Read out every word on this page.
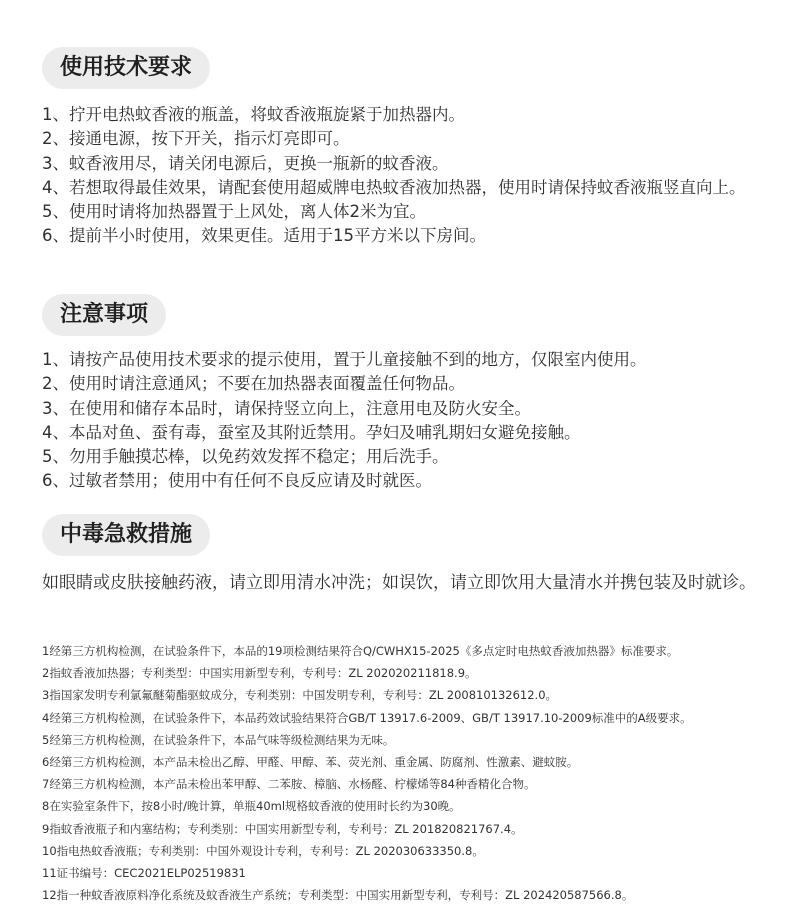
使用技术要求
1、拧开电热蚊香液的瓶盖，将蚊香液瓶旋紧于加热器内。
2、接通电源，按下开关，指示灯亮即可。
3、蚊香液用尽，请关闭电源后，更换一瓶新的蚊香液。
4、若想取得最佳效果，请配套使用超威牌电热蚊香液加热器，使用时请保持蚊香液瓶竖直向上。
5、使用时请将加热器置于上风处，离人体2米为宜。
6、提前半小时使用，效果更佳。适用于15平方米以下房间。
注意事项
1、请按产品使用技术要求的提示使用，置于儿童接触不到的地方，仅限室内使用。
2、使用时请注意通风；不要在加热器表面覆盖任何物品。
3、在使用和储存本品时，请保持竖立向上，注意用电及防火安全。
4、本品对鱼、蚕有毒，蚕室及其附近禁用。孕妇及哺乳期妇女避免接触。
5、勿用手触摸芯棒，以免药效发挥不稳定；用后洗手。
6、过敏者禁用；使用中有任何不良反应请及时就医。
中毒急救措施

如眼睛或皮肤接触药液，请立即用清水冲洗；如误饮，请立即饮用大量清水并携包装及时就诊。

1经第三方机构检测，在试验条件下，本品的19项检测结果符合Q/CWHX15-2025《多点定时电热蚊香液加热器》标准要求。
2指蚊香液加热器；专利类型：中国实用新型专利，专利号：ZL 202020211818.9。
3指国家发明专利氯氟醚菊酯驱蚊成分，专利类别：中国发明专利，专利号：ZL 200810132612.0。
4经第三方机构检测，在试验条件下，本品药效试验结果符合GB/T 13917.6-2009、GB/T 13917.10-2009标准中的A级要求。
5经第三方机构检测，在试验条件下，本品气味等级检测结果为无味。
6经第三方机构检测，本产品未检出乙醇、甲醛、甲醇、苯、荧光剂、重金属、防腐剂、性激素、避蚊胺。
7经第三方机构检测，本产品未检出苯甲醇、二苯胺、樟脑、水杨醛、柠檬烯等84种香精化合物。
8在实验室条件下，按8小时/晚计算，单瓶40ml规格蚊香液的使用时长约为30晚。
9指蚊香液瓶子和内塞结构；专利类别：中国实用新型专利，专利号：ZL 201820821767.4。
10指电热蚊香液瓶；专利类别：中国外观设计专利，专利号：ZL 202030633350.8。
11证书编号：CEC2021ELP02519831
12指一种蚊香液原料净化系统及蚊香液生产系统；专利类型：中国实用新型专利，专利号：ZL 202420587566.8。
